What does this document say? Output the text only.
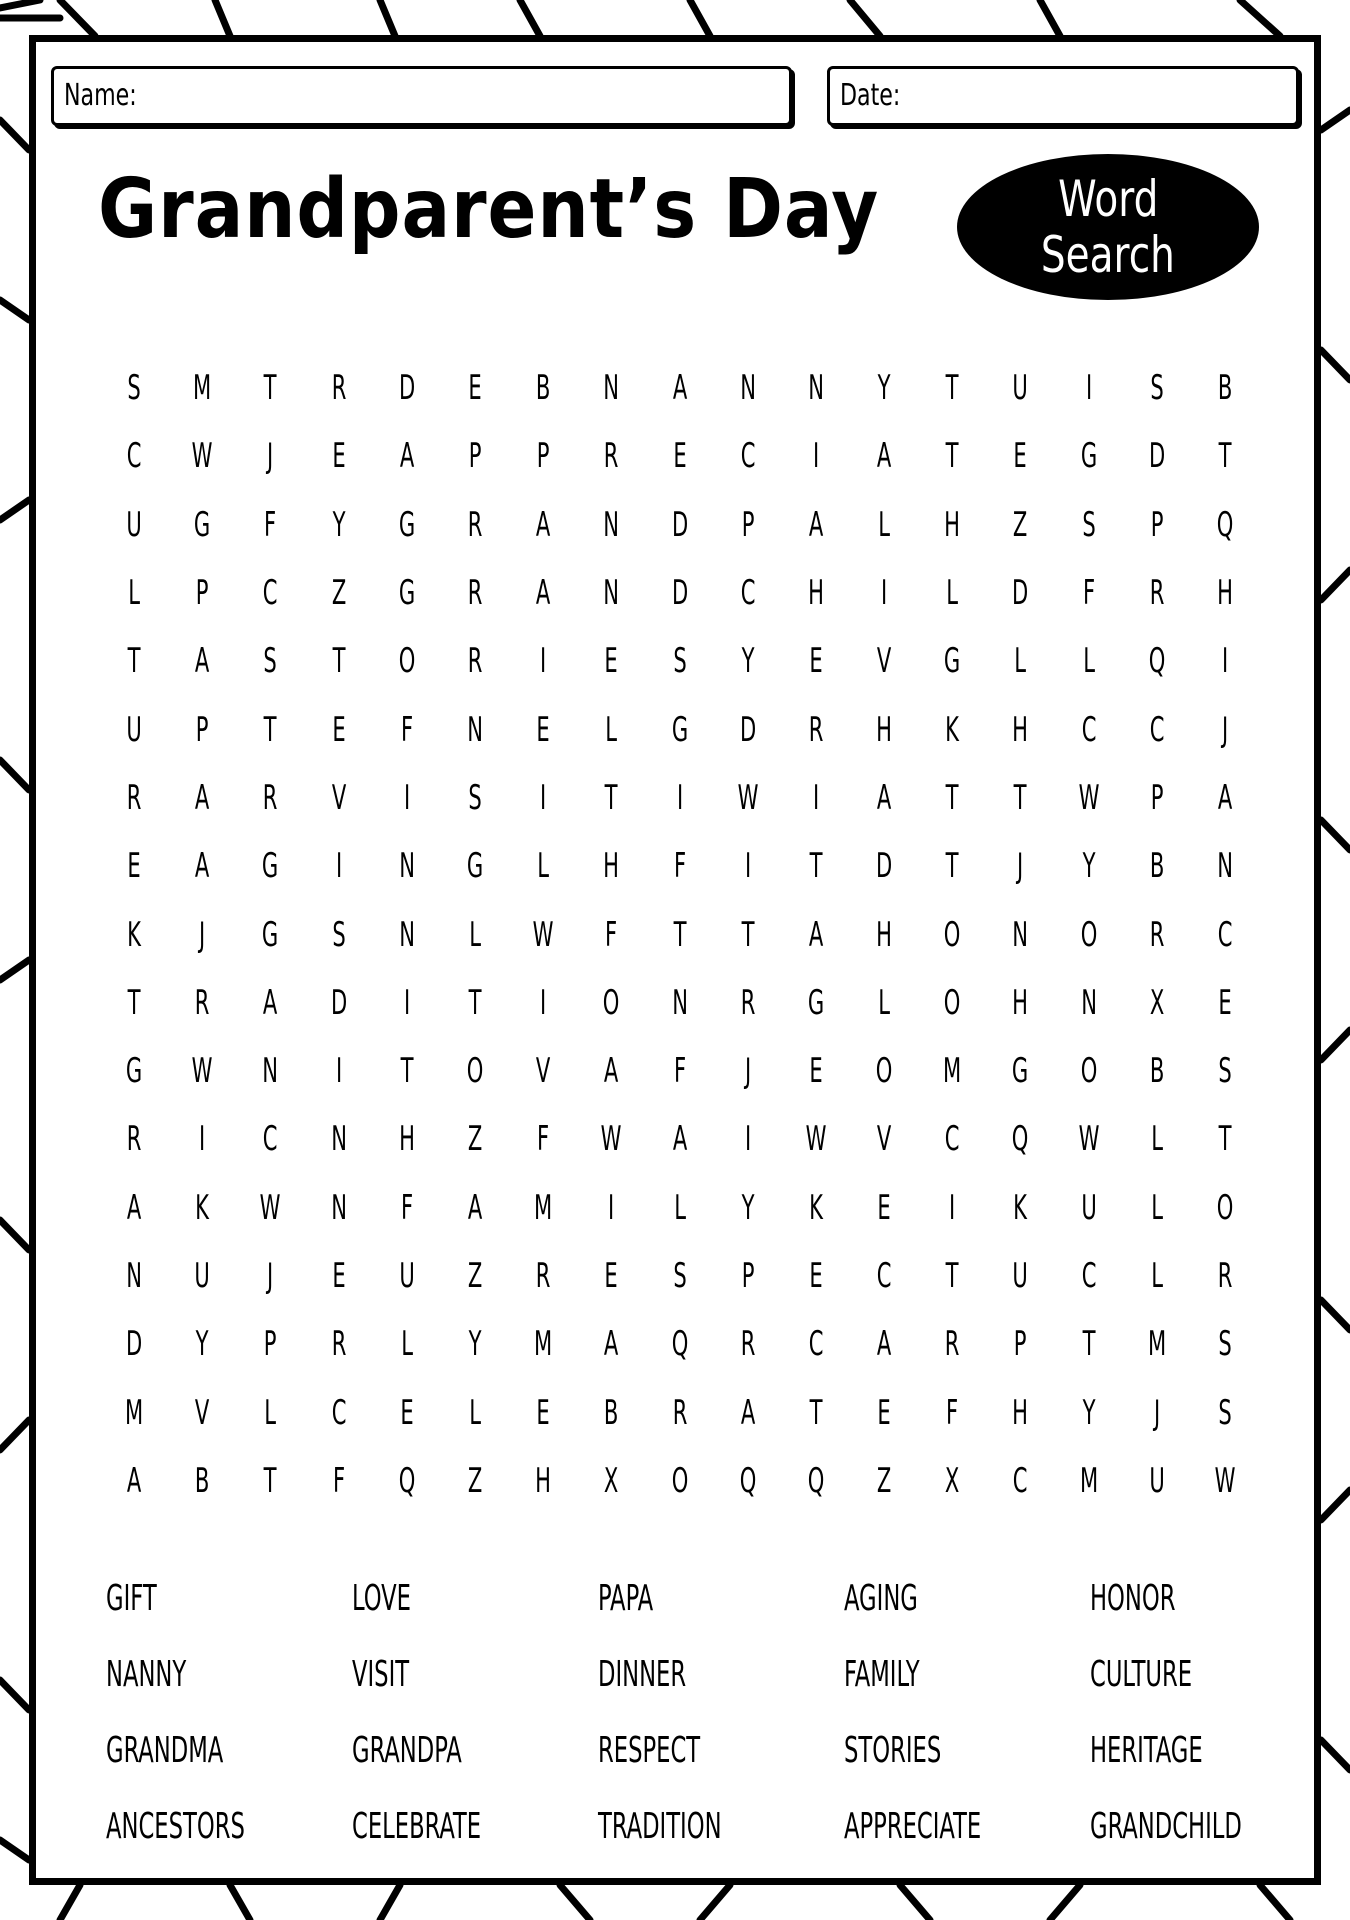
Name:	Date:
Grandparent’s Day	Word
Search
S	M	T	R	D	E	B	N	A	N	N	Y	T	U	I	S	B
C	W	J	E	A	P	P	R	E	C	I	A	T	E	G	D	T
U	G	F	Y	G	R	A	N	D	P	A	L	H	Z	S	P	Q
L	P	C	Z	G	R	A	N	D	C	H	I	L	D	F	R	H
T	A	S	T	O	R	I	E	S	Y	E	V	G	L	L	Q	I
U	P	T	E	F	N	E	L	G	D	R	H	K	H	C	C	J
R	A	R	V	I	S	I	T	I	W	I	A	T	T	W	P	A
E	A	G	I	N	G	L	H	F	I	T	D	T	J	Y	B	N
K	J	G	S	N	L	W	F	T	T	A	H	O	N	O	R	C
T	R	A	D	I	T	I	O	N	R	G	L	O	H	N	X	E
G	W	N	I	T	O	V	A	F	J	E	O	M	G	O	B	S
R	I	C	N	H	Z	F	W	A	I	W	V	C	Q	W	L	T
A	K	W	N	F	A	M	I	L	Y	K	E	I	K	U	L	O
N	U	J	E	U	Z	R	E	S	P	E	C	T	U	C	L	R
D	Y	P	R	L	Y	M	A	Q	R	C	A	R	P	T	M	S
M	V	L	C	E	L	E	B	R	A	T	E	F	H	Y	J	S
A	B	T	F	Q	Z	H	X	O	Q	Q	Z	X	C	M	U	W
GIFT	LOVE	PAPA	AGING	HONOR
NANNY	VISIT	DINNER	FAMILY	CULTURE
GRANDMA	GRANDPA	RESPECT	STORIES	HERITAGE
ANCESTORS	CELEBRATE	TRADITION	APPRECIATE	GRANDCHILD
